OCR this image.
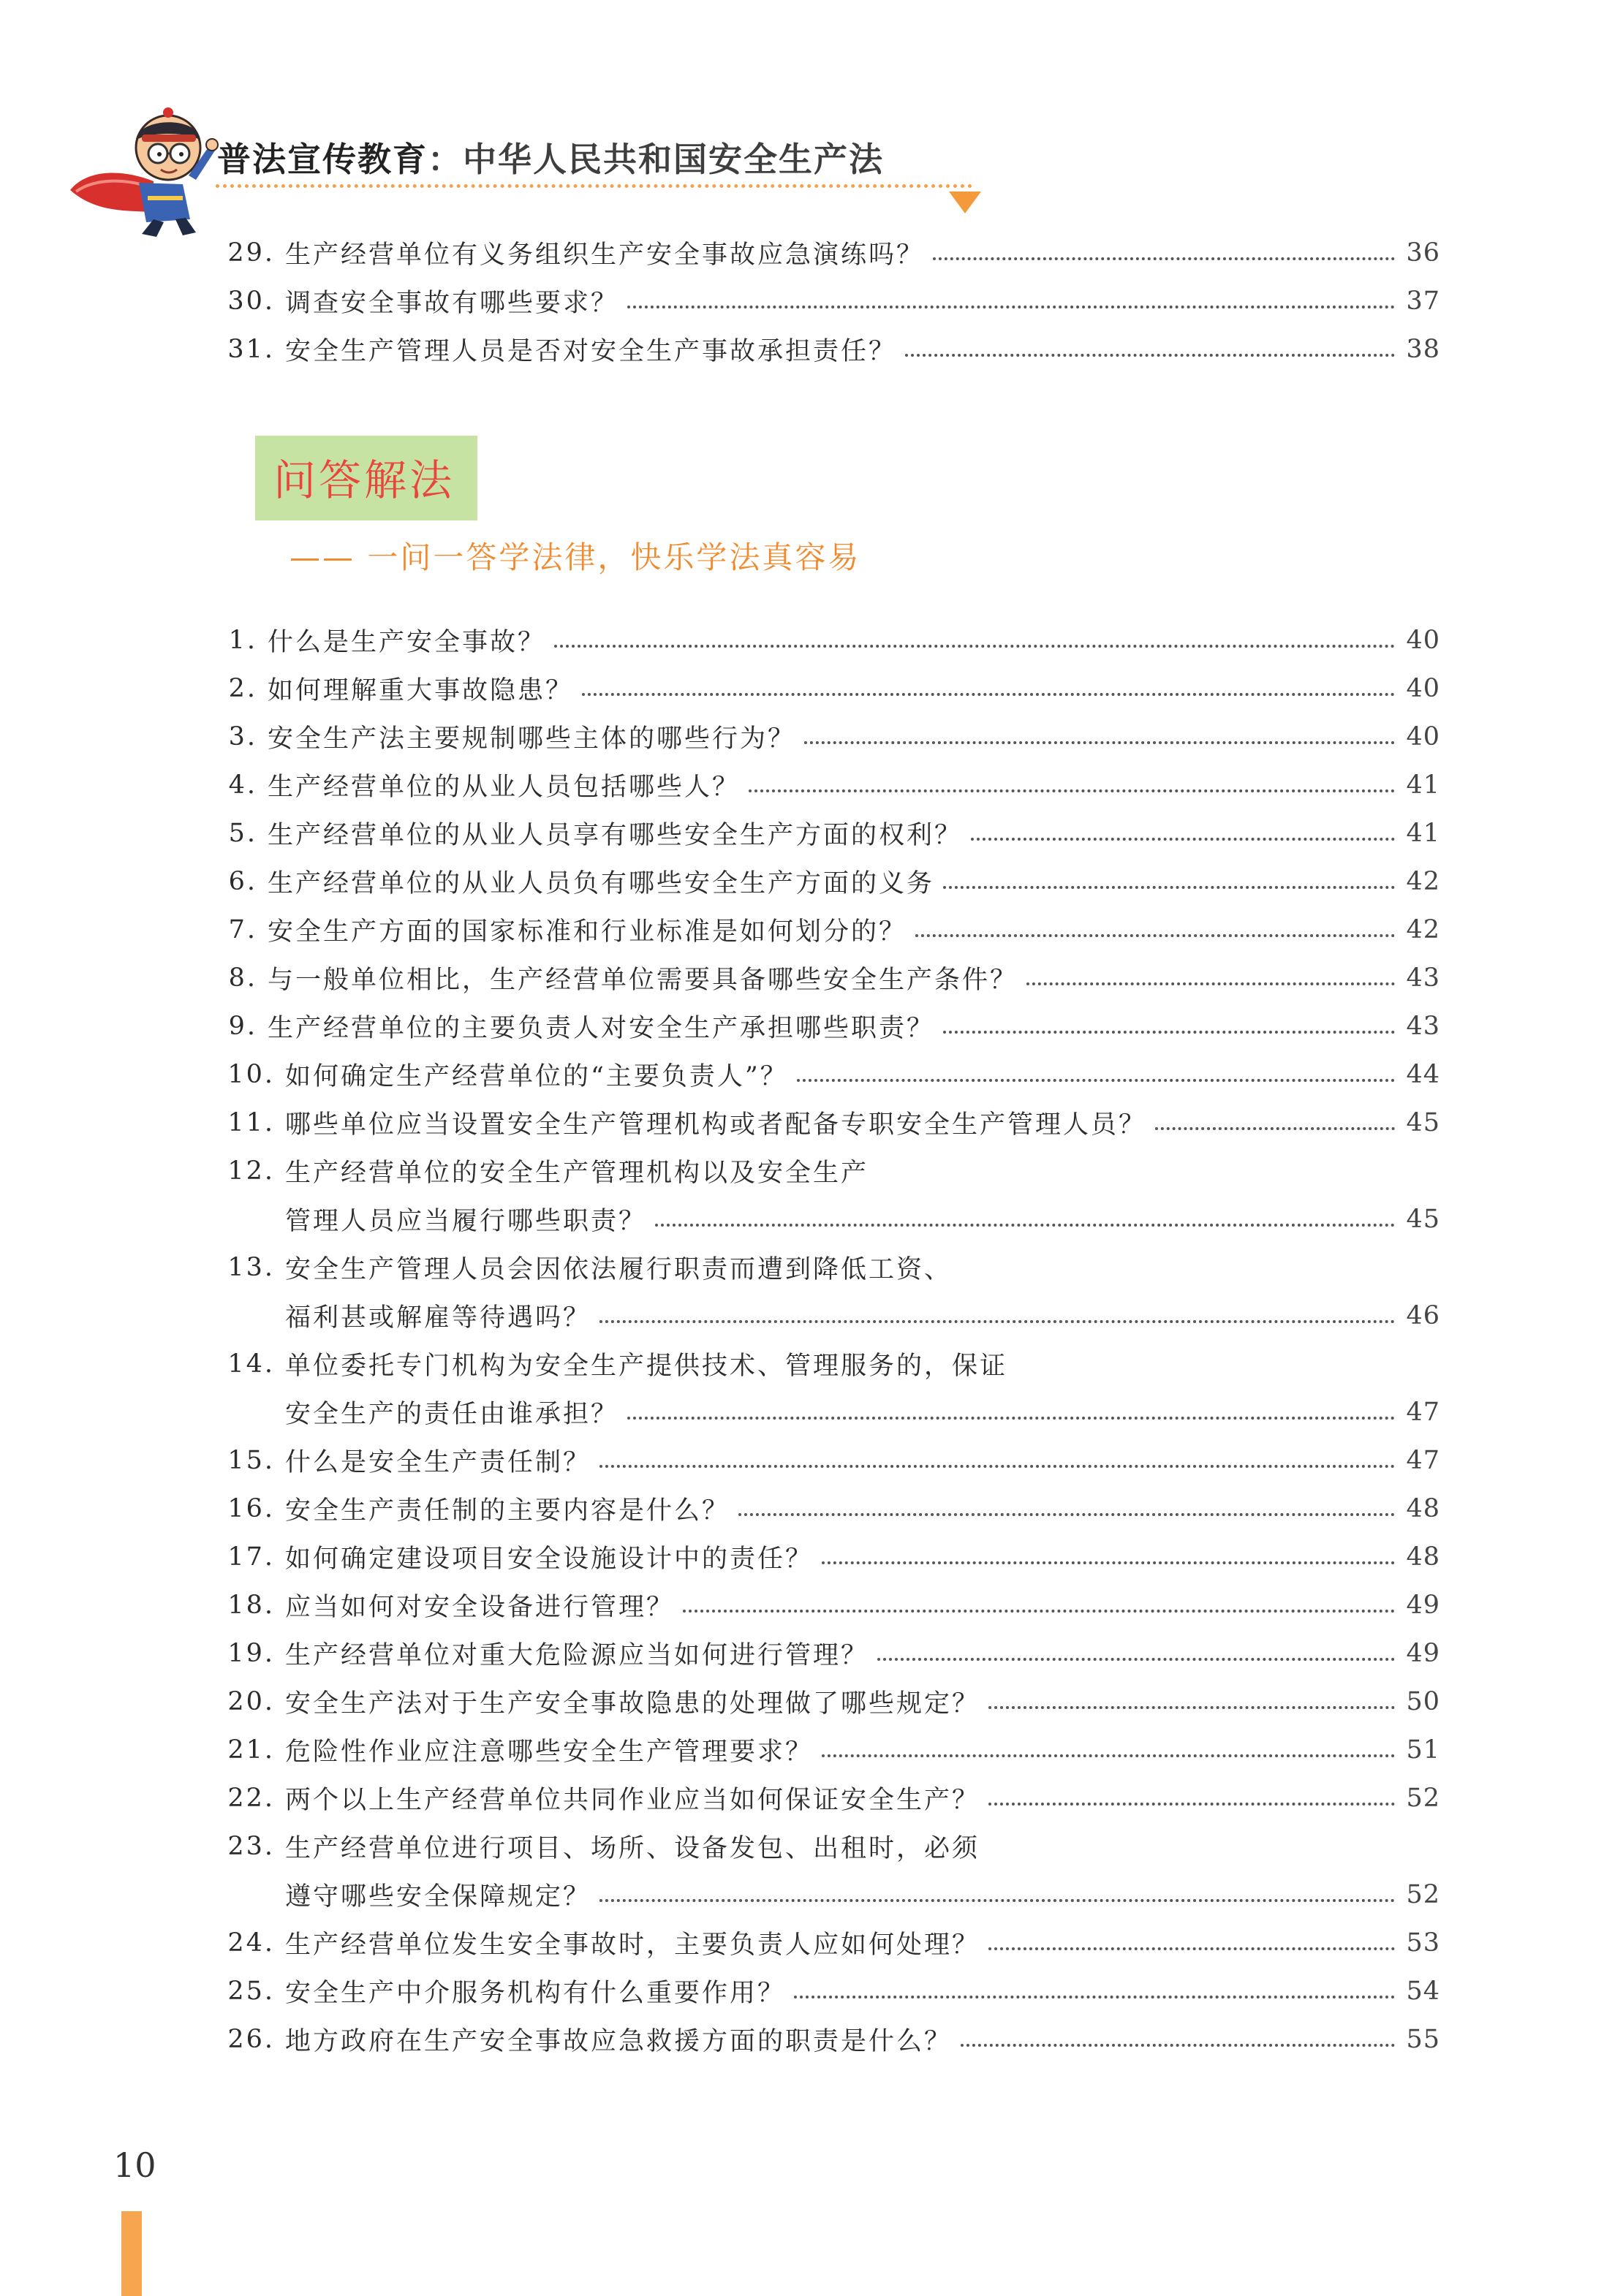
普法宣传教育：中华人民共和国安全生产法
29. 生产经营单位有义务组织生产安全事故应急演练吗？	36
30. 调查安全事故有哪些要求？	37
31. 安全生产管理人员是否对安全生产事故承担责任？	38
问答解法
—— 一问一答学法律，快乐学法真容易
1. 什么是生产安全事故？	40
2. 如何理解重大事故隐患？	40
3. 安全生产法主要规制哪些主体的哪些行为？	40
4. 生产经营单位的从业人员包括哪些人？	41
5. 生产经营单位的从业人员享有哪些安全生产方面的权利？	41
6. 生产经营单位的从业人员负有哪些安全生产方面的义务	42
7. 安全生产方面的国家标准和行业标准是如何划分的？	42
8. 与一般单位相比，生产经营单位需要具备哪些安全生产条件？	43
9. 生产经营单位的主要负责人对安全生产承担哪些职责？	43
10. 如何确定生产经营单位的“主要负责人”？	44
11. 哪些单位应当设置安全生产管理机构或者配备专职安全生产管理人员？	45
12. 生产经营单位的安全生产管理机构以及安全生产
管理人员应当履行哪些职责？	45
13. 安全生产管理人员会因依法履行职责而遭到降低工资、
福利甚或解雇等待遇吗？	46
14. 单位委托专门机构为安全生产提供技术、管理服务的，保证
安全生产的责任由谁承担？	47
15. 什么是安全生产责任制？	47
16. 安全生产责任制的主要内容是什么？	48
17. 如何确定建设项目安全设施设计中的责任？	48
18. 应当如何对安全设备进行管理？	49
19. 生产经营单位对重大危险源应当如何进行管理？	49
20. 安全生产法对于生产安全事故隐患的处理做了哪些规定？	50
21. 危险性作业应注意哪些安全生产管理要求？	51
22. 两个以上生产经营单位共同作业应当如何保证安全生产？	52
23. 生产经营单位进行项目、场所、设备发包、出租时，必须
遵守哪些安全保障规定？	52
24. 生产经营单位发生安全事故时，主要负责人应如何处理？	53
25. 安全生产中介服务机构有什么重要作用？	54
26. 地方政府在生产安全事故应急救援方面的职责是什么？	55
10
